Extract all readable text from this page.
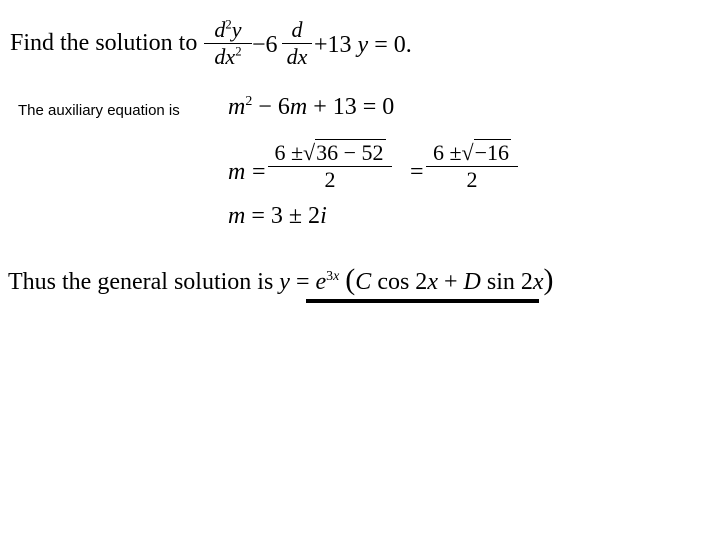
Find the solution to
$d^2y$
$dx^2 -6$
d
dx +13 y = 0.
The auxiliary equation is $m^2 - 6m + 13 = 0$
m =
6 ±√36 − 52
2	=
6 ±√−16
2
m = 3 ± 2i
Thus the general solution is $y = e^{3x}$ (C cos 2x + D sin 2x)
